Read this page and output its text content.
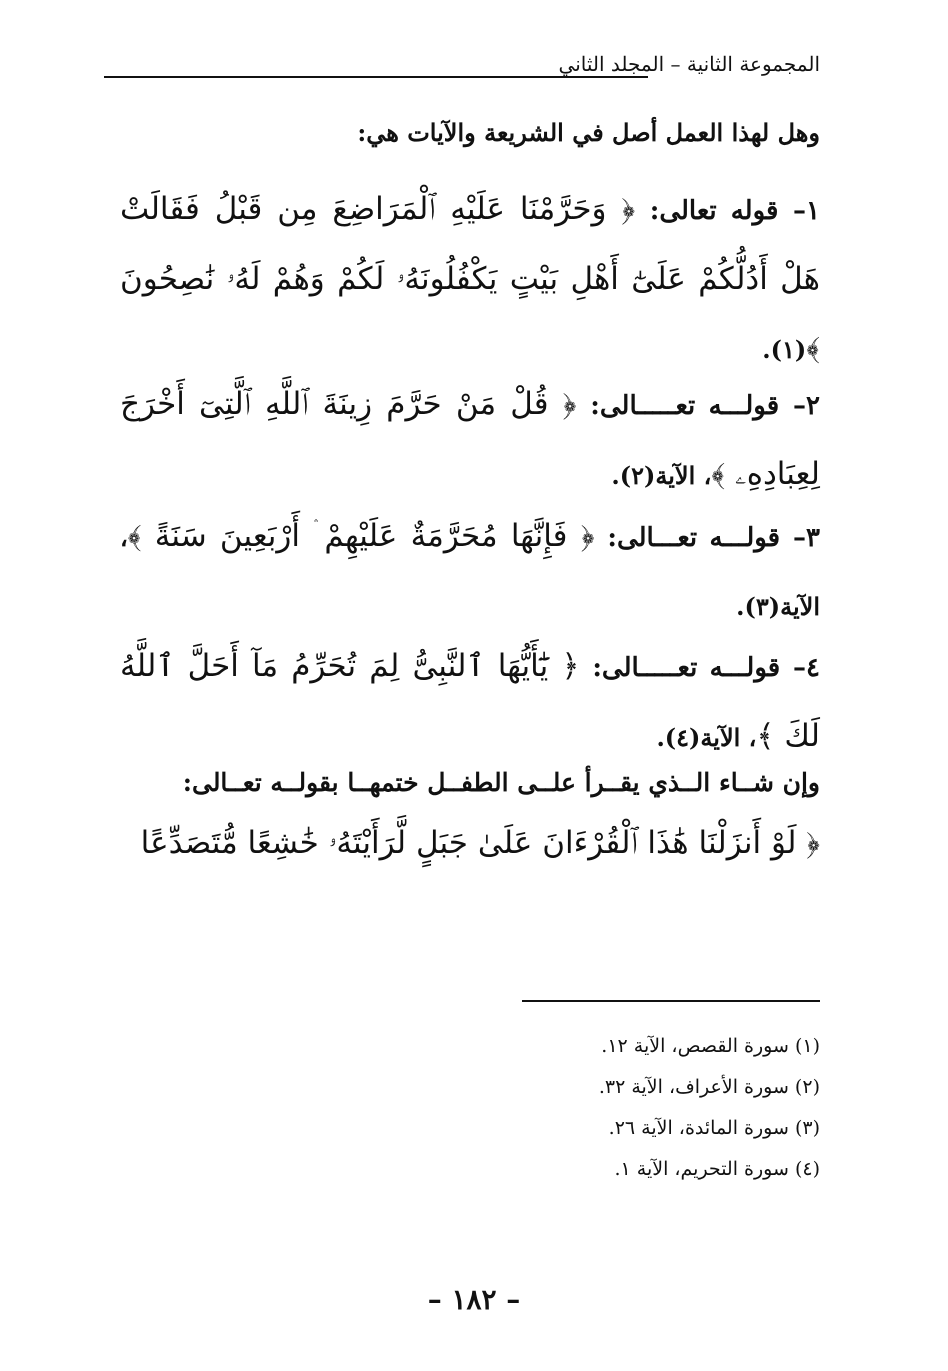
المجموعة الثانية – المجلد الثاني
وهل لهذا العمل أصل في الشريعة والآيات هي:
١– قوله تعالى: ﴿ وَحَرَّمْنَا عَلَيْهِ ٱلْمَرَاضِعَ مِن قَبْلُ فَقَالَتْ هَلْ أَدُلُّكُمْ عَلَىٰٓ أَهْلِ بَيْتٍ يَكْفُلُونَهُۥ لَكُمْ وَهُمْ لَهُۥ نَٰصِحُونَ ﴾(١).
٢– قولـــه تعـــــالى: ﴿ قُلْ مَنْ حَرَّمَ زِينَةَ ٱللَّهِ ٱلَّتِىٓ أَخْرَجَ لِعِبَادِهِۦ ﴾، الآية(٢).
٣– قولـــه تعـــالى: ﴿ فَإِنَّهَا مُحَرَّمَةٌ عَلَيْهِمْ ۛ أَرْبَعِينَ سَنَةً ﴾، الآية(٣).
٤– قولـــه تعـــــالى: ﴿ يَٰٓأَيُّهَا ٱلنَّبِىُّ لِمَ تُحَرِّمُ مَآ أَحَلَّ ٱللَّهُ لَكَ ﴾، الآية(٤).
وإن شــاء الــذي يقــرأ علــى الطفــل ختمهــا بقولــه تعــالى:
﴿ لَوْ أَنزَلْنَا هَٰذَا ٱلْقُرْءَانَ عَلَىٰ جَبَلٍ لَّرَأَيْتَهُۥ خَٰشِعًا مُّتَصَدِّعًا
(١) سورة القصص، الآية ١٢.
(٢) سورة الأعراف، الآية ٣٢.
(٣) سورة المائدة، الآية ٢٦.
(٤) سورة التحريم، الآية ١.
– ١٨٢ –
